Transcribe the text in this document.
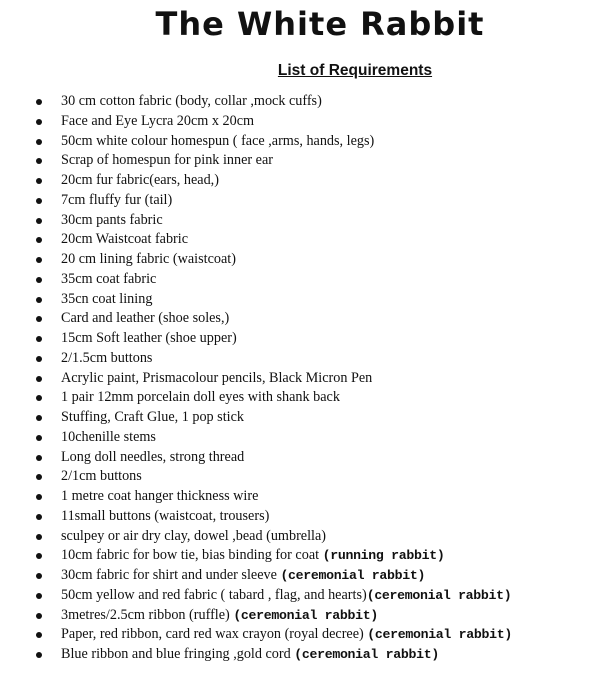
The White Rabbit
List of Requirements
30 cm cotton fabric (body, collar ,mock cuffs)
Face and Eye Lycra 20cm x 20cm
50cm white colour homespun ( face ,arms, hands, legs)
Scrap of homespun for pink inner ear
20cm fur fabric(ears, head,)
7cm fluffy fur (tail)
30cm pants fabric
20cm Waistcoat fabric
20 cm lining fabric (waistcoat)
35cm coat fabric
35cn coat lining
Card and leather (shoe soles,)
15cm Soft leather (shoe upper)
2/1.5cm buttons
Acrylic paint, Prismacolour pencils, Black Micron Pen
1 pair 12mm porcelain doll eyes with shank back
Stuffing, Craft Glue, 1 pop stick
10chenille stems
Long doll needles, strong thread
2/1cm buttons
1 metre coat hanger thickness wire
11small buttons (waistcoat, trousers)
sculpey or air dry clay, dowel ,bead (umbrella)
10cm fabric for bow tie, bias binding for coat (running rabbit)
30cm fabric for shirt and under sleeve (ceremonial rabbit)
50cm yellow and red fabric ( tabard , flag, and hearts)(ceremonial rabbit)
3metres/2.5cm ribbon (ruffle) (ceremonial rabbit)
Paper, red ribbon, card red wax crayon (royal decree) (ceremonial rabbit)
Blue ribbon and blue fringing ,gold cord (ceremonial rabbit)
